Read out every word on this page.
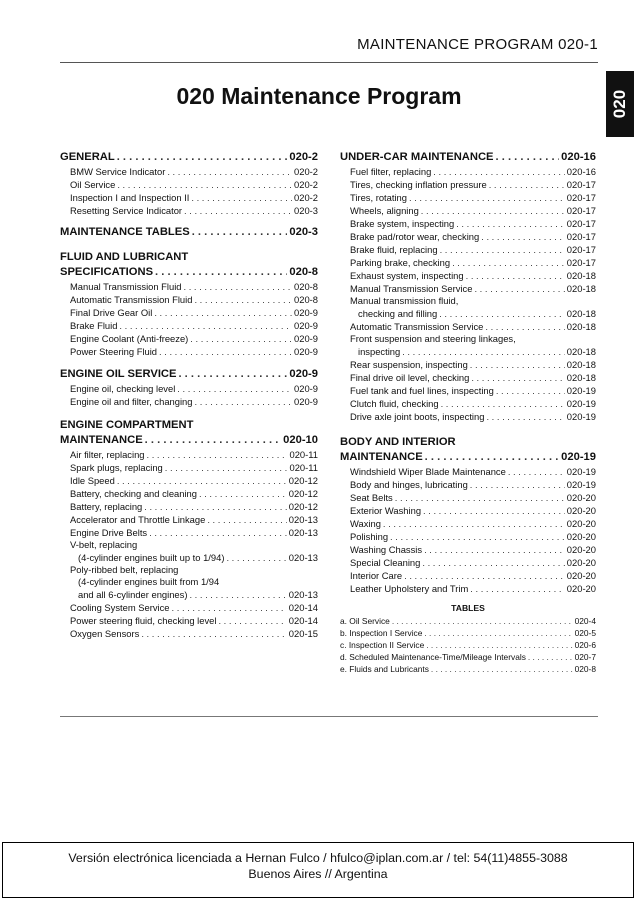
MAINTENANCE PROGRAM 020-1
020
020 Maintenance Program
GENERAL . . .	020-2
BMW Service Indicator . . .	020-2
Oil Service . . .	020-2
Inspection I and Inspection II . . .	020-2
Resetting Service Indicator . . .	020-3
MAINTENANCE TABLES . . .	020-3
FLUID AND LUBRICANT
SPECIFICATIONS . . .	020-8
Manual Transmission Fluid . . .	020-8
Automatic Transmission Fluid . . .	020-8
Final Drive Gear Oil . . .	020-9
Brake Fluid . . .	020-9
Engine Coolant (Anti-freeze) . . .	020-9
Power Steering Fluid . . .	020-9
ENGINE OIL SERVICE . . .	020-9
Engine oil, checking level . . .	020-9
Engine oil and filter, changing . . .	020-9
ENGINE COMPARTMENT
MAINTENANCE . . .	020-10
Air filter, replacing . . .	020-11
Spark plugs, replacing . . .	020-11
Idle Speed . . .	020-12
Battery, checking and cleaning . . .	020-12
Battery, replacing . . .	020-12
Accelerator and Throttle Linkage . . .	020-13
Engine Drive Belts . . .	020-13
V-belt, replacing
(4-cylinder engines built up to 1/94) . . .	020-13
Poly-ribbed belt, replacing
(4-cylinder engines built from 1/94
and all 6-cylinder engines) . . .	020-13
Cooling System Service . . .	020-14
Power steering fluid, checking level . . .	020-14
Oxygen Sensors . . .	020-15
UNDER-CAR MAINTENANCE . . .	020-16
Fuel filter, replacing . . .	020-16
Tires, checking inflation pressure . . .	020-17
Tires, rotating . . .	020-17
Wheels, aligning . . .	020-17
Brake system, inspecting . . .	020-17
Brake pad/rotor wear, checking . . .	020-17
Brake fluid, replacing . . .	020-17
Parking brake, checking . . .	020-17
Exhaust system, inspecting . . .	020-18
Manual Transmission Service . . .	020-18
Manual transmission fluid,
checking and filling . . .	020-18
Automatic Transmission Service . . .	020-18
Front suspension and steering linkages,
inspecting . . .	020-18
Rear suspension, inspecting . . .	020-18
Final drive oil level, checking . . .	020-18
Fuel tank and fuel lines, inspecting . . .	020-19
Clutch fluid, checking . . .	020-19
Drive axle joint boots, inspecting . . .	020-19
BODY AND INTERIOR
MAINTENANCE . . .	020-19
Windshield Wiper Blade Maintenance . . .	020-19
Body and hinges, lubricating . . .	020-19
Seat Belts . . .	020-20
Exterior Washing . . .	020-20
Waxing . . .	020-20
Polishing . . .	020-20
Washing Chassis . . .	020-20
Special Cleaning . . .	020-20
Interior Care . . .	020-20
Leather Upholstery and Trim . . .	020-20
TABLES
a. Oil Service . . .	020-4
b. Inspection I Service . . .	020-5
c. Inspection II Service . . .	020-6
d. Scheduled Maintenance-Time/Mileage Intervals . . .	020-7
e. Fluids and Lubricants . . .	020-8
Versión electrónica licenciada a Hernan Fulco / hfulco@iplan.com.ar / tel: 54(11)4855-3088
Buenos Aires // Argentina
